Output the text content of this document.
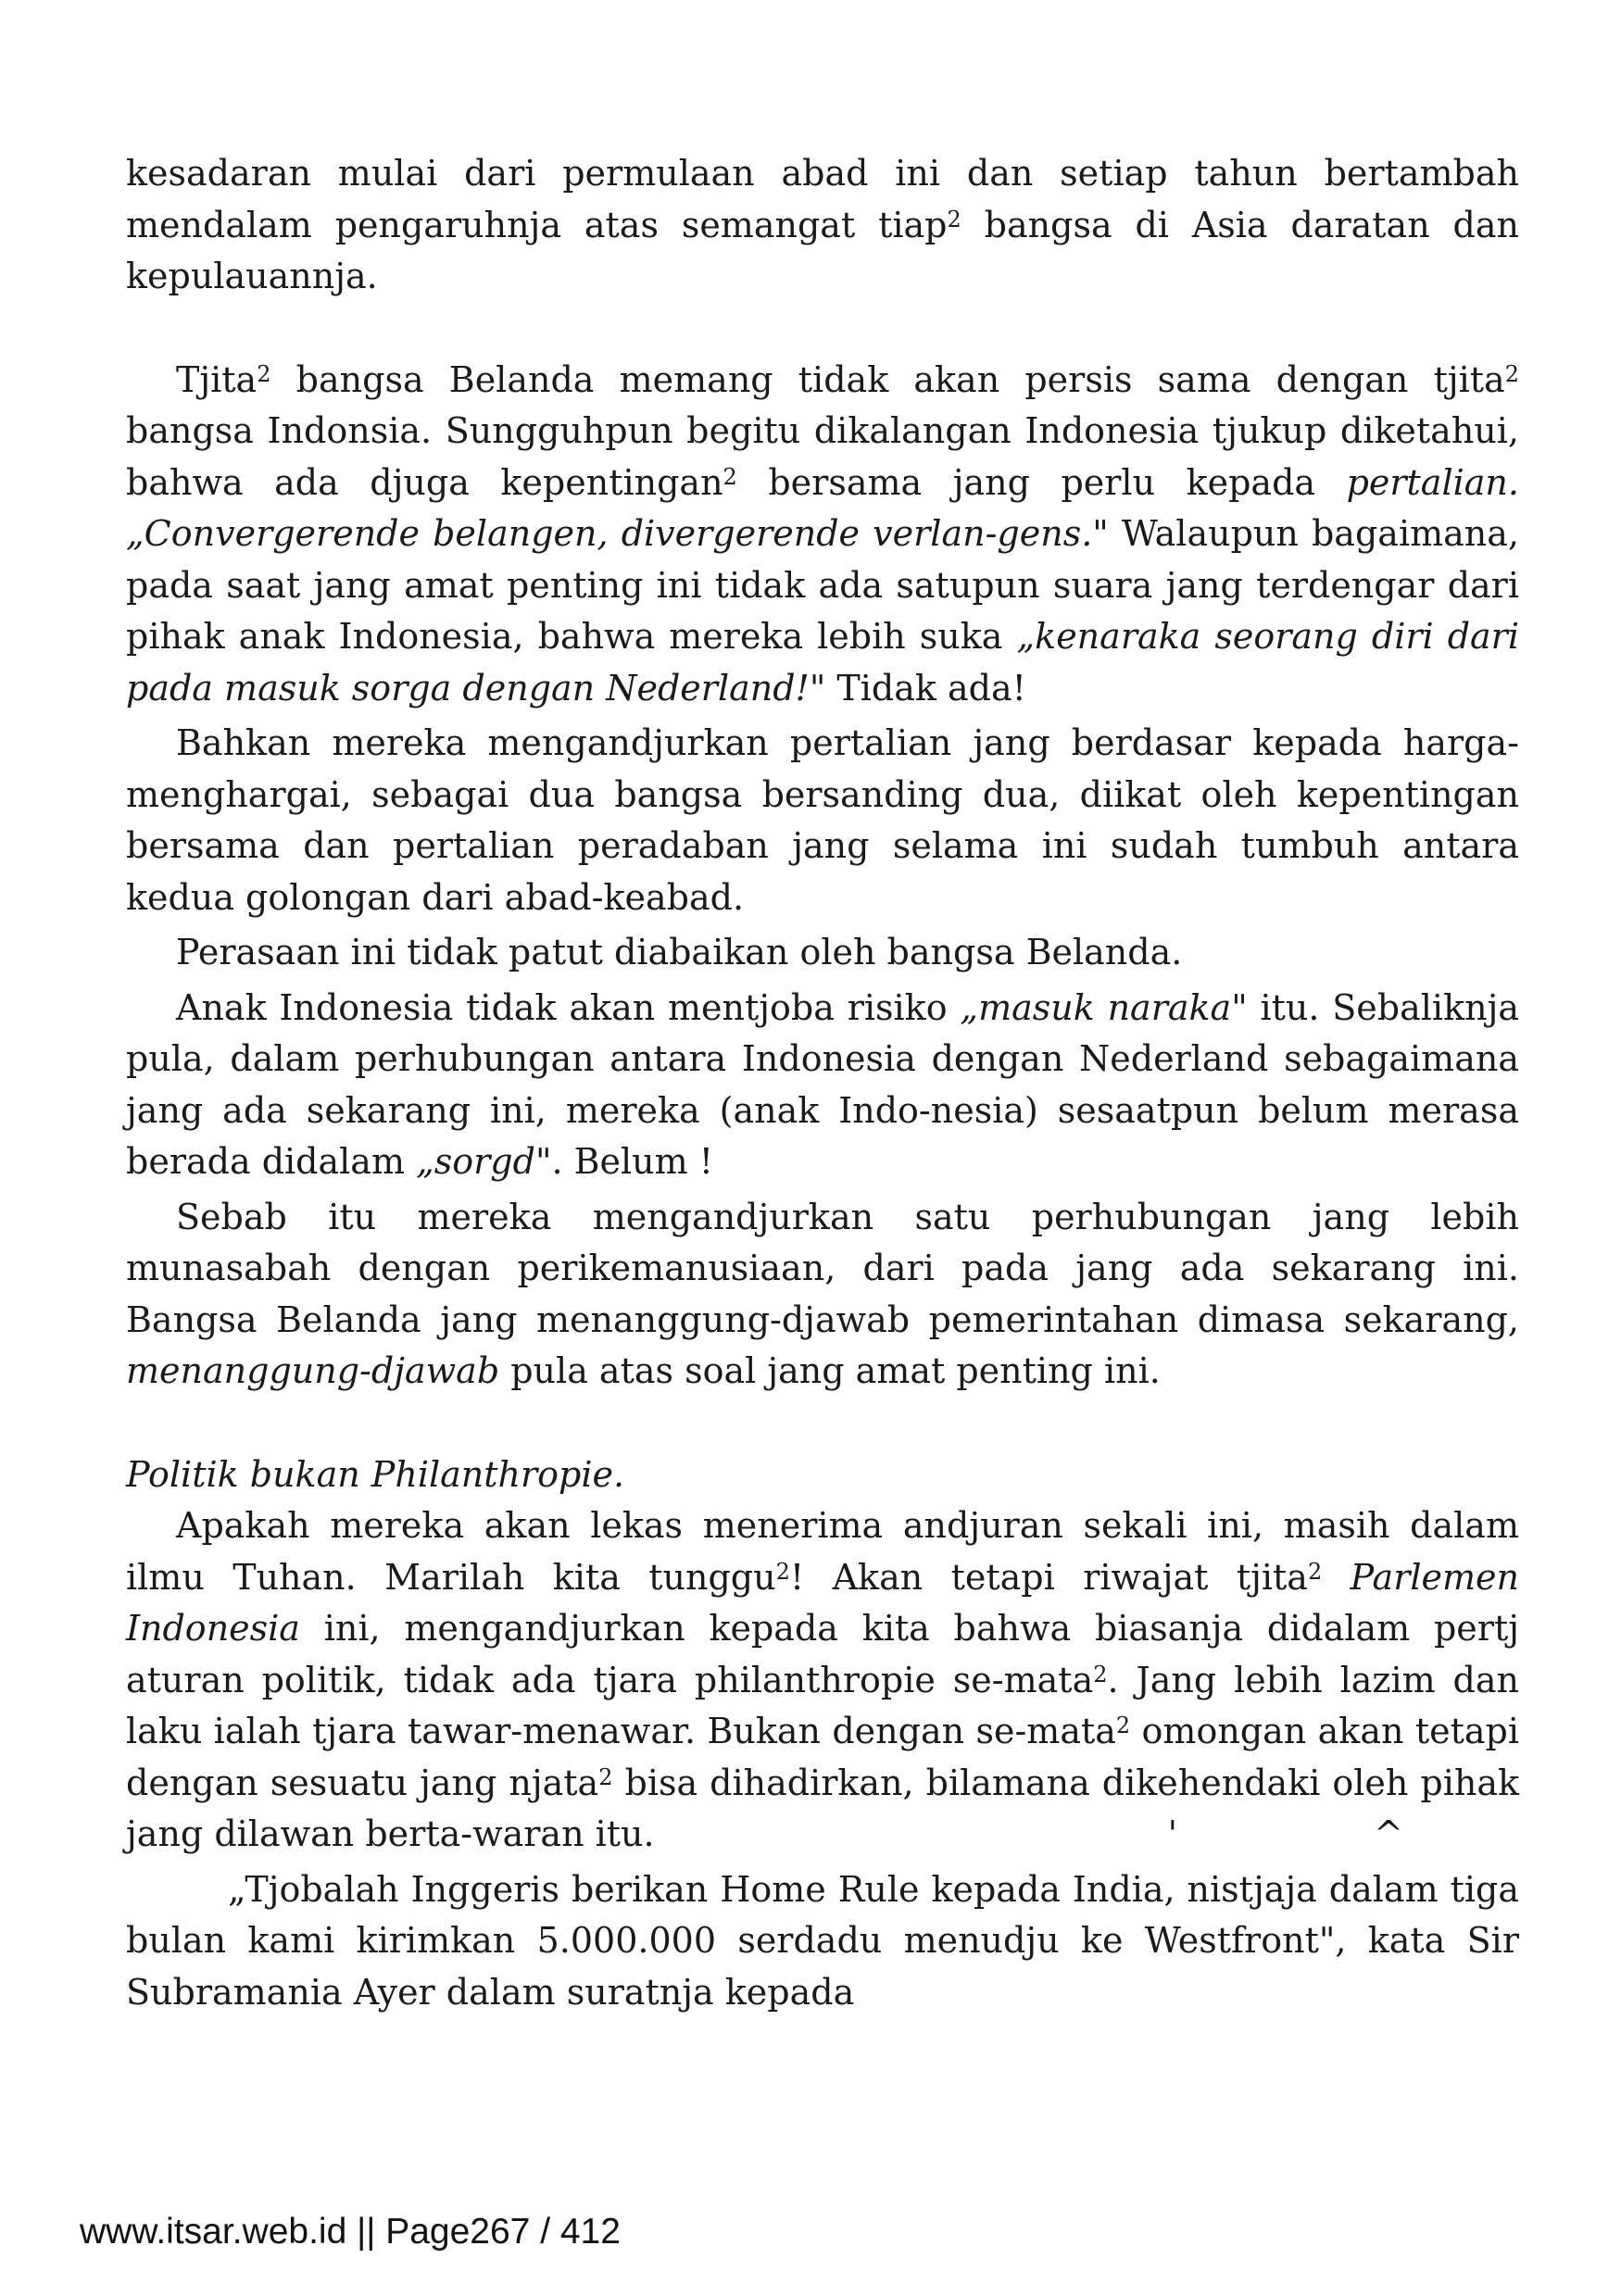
kesadaran mulai dari permulaan abad ini dan setiap tahun bertambah mendalam pengaruhnja atas semangat tiap$^2$ bangsa di Asia daratan dan kepulauannja.

Tjita$^2$ bangsa Belanda memang tidak akan persis sama dengan tjita$^2$ bangsa Indonsia. Sungguhpun begitu dikalangan Indonesia tjukup diketahui, bahwa ada djuga kepentingan$^2$ bersama jang perlu kepada pertalian. „Convergerende belangen, divergerende verlan-gens." Walaupun bagaimana, pada saat jang amat penting ini tidak ada satupun suara jang terdengar dari pihak anak Indonesia, bahwa mereka lebih suka „kenaraka seorang diri dari pada masuk sorga dengan Nederland!" Tidak ada!

Bahkan mereka mengandjurkan pertalian jang berdasar kepada harga-menghargai, sebagai dua bangsa bersanding dua, diikat oleh kepentingan bersama dan pertalian peradaban jang selama ini sudah tumbuh antara kedua golongan dari abad-keabad.

Perasaan ini tidak patut diabaikan oleh bangsa Belanda.

Anak Indonesia tidak akan mentjoba risiko „masuk naraka" itu. Sebaliknja pula, dalam perhubungan antara Indonesia dengan Nederland sebagaimana jang ada sekarang ini, mereka (anak Indo-nesia) sesaatpun belum merasa berada didalam „sorgd". Belum !

Sebab itu mereka mengandjurkan satu perhubungan jang lebih munasabah dengan perikemanusiaan, dari pada jang ada sekarang ini. Bangsa Belanda jang menanggung-djawab pemerintahan dimasa sekarang, menanggung-djawab pula atas soal jang amat penting ini.

Politik bukan Philanthropie.

Apakah mereka akan lekas menerima andjuran sekali ini, masih dalam ilmu Tuhan. Marilah kita tunggu$^2$! Akan tetapi riwajat tjita$^2$ Parlemen Indonesia ini, mengandjurkan kepada kita bahwa biasanja didalam pertj aturan politik, tidak ada tjara philanthropie se-mata$^2$. Jang lebih lazim dan laku ialah tjara tawar-menawar. Bukan dengan se-mata$^2$ omongan akan tetapi dengan sesuatu jang njata$^2$ bisa dihadirkan, bilamana dikehendaki oleh pihak jang dilawan berta-waran itu.	' ^

„Tjobalah Inggeris berikan Home Rule kepada India, nistjaja dalam tiga bulan kami kirimkan 5.000.000 serdadu menudju ke Westfront", kata Sir Subramania Ayer dalam suratnja kepada

www.itsar.web.id || Page267 / 412
